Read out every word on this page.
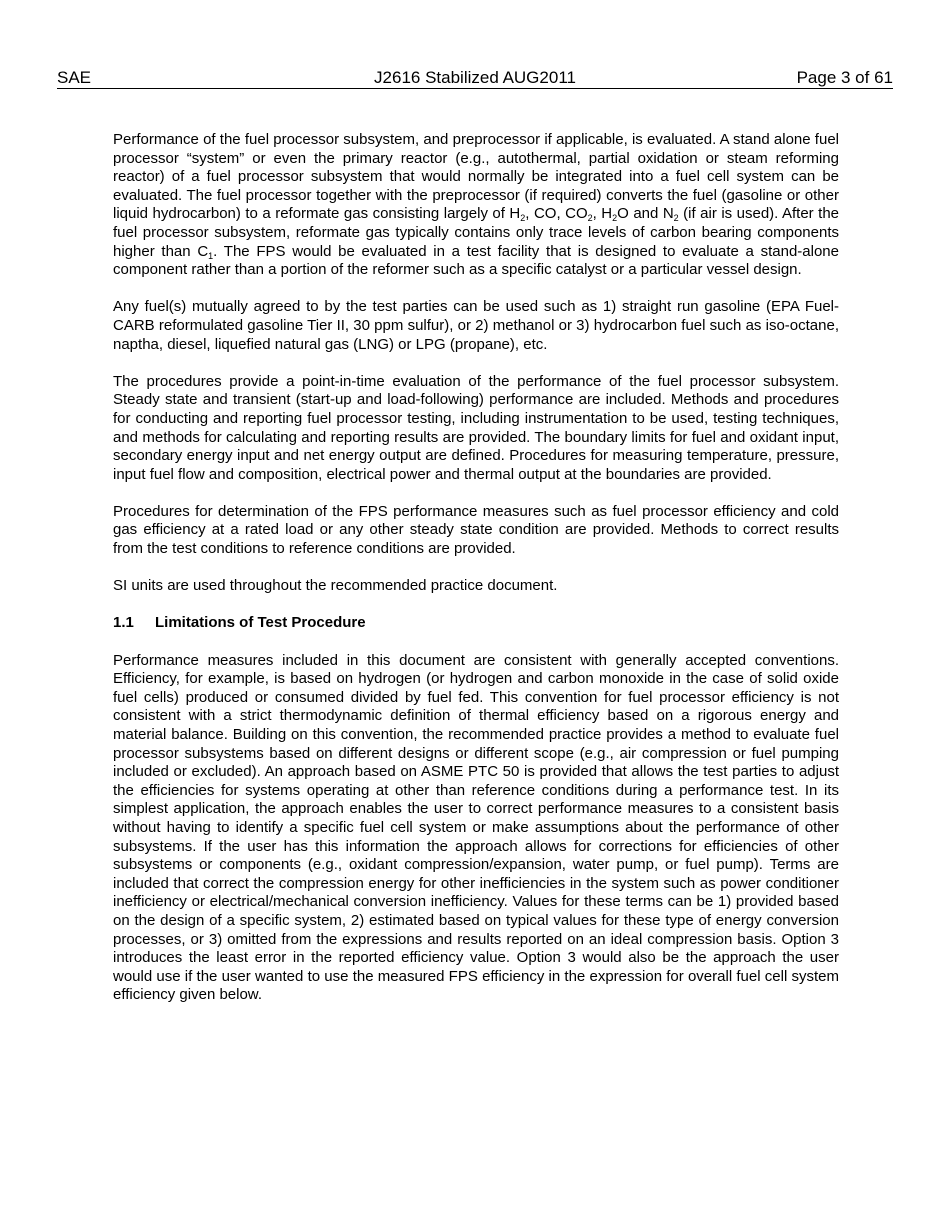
SAE	J2616 Stabilized AUG2011	Page 3 of 61

Performance of the fuel processor subsystem, and preprocessor if applicable, is evaluated. A stand alone fuel processor “system” or even the primary reactor (e.g., autothermal, partial oxidation or steam reforming reactor) of a fuel processor subsystem that would normally be integrated into a fuel cell system can be evaluated. The fuel processor together with the preprocessor (if required) converts the fuel (gasoline or other liquid hydrocarbon) to a reformate gas consisting largely of $H_2$, CO, $CO_2$, $H_2O$ and $N_2$ (if air is used). After the fuel processor subsystem, reformate gas typically contains only trace levels of carbon bearing components higher than $C_1$. The FPS would be evaluated in a test facility that is designed to evaluate a stand-alone component rather than a portion of the reformer such as a specific catalyst or a particular vessel design.

Any fuel(s) mutually agreed to by the test parties can be used such as 1) straight run gasoline (EPA Fuel-CARB reformulated gasoline Tier II, 30 ppm sulfur), or 2) methanol or 3) hydrocarbon fuel such as iso-octane, naptha, diesel, liquefied natural gas (LNG) or LPG (propane), etc.

The procedures provide a point-in-time evaluation of the performance of the fuel processor subsystem. Steady state and transient (start-up and load-following) performance are included. Methods and procedures for conducting and reporting fuel processor testing, including instrumentation to be used, testing techniques, and methods for calculating and reporting results are provided. The boundary limits for fuel and oxidant input, secondary energy input and net energy output are defined. Procedures for measuring temperature, pressure, input fuel flow and composition, electrical power and thermal output at the boundaries are provided.

Procedures for determination of the FPS performance measures such as fuel processor efficiency and cold gas efficiency at a rated load or any other steady state condition are provided. Methods to correct results from the test conditions to reference conditions are provided.

SI units are used throughout the recommended practice document.

1.1 Limitations of Test Procedure

Performance measures included in this document are consistent with generally accepted conventions. Efficiency, for example, is based on hydrogen (or hydrogen and carbon monoxide in the case of solid oxide fuel cells) produced or consumed divided by fuel fed. This convention for fuel processor efficiency is not consistent with a strict thermodynamic definition of thermal efficiency based on a rigorous energy and material balance. Building on this convention, the recommended practice provides a method to evaluate fuel processor subsystems based on different designs or different scope (e.g., air compression or fuel pumping included or excluded). An approach based on ASME PTC 50 is provided that allows the test parties to adjust the efficiencies for systems operating at other than reference conditions during a performance test. In its simplest application, the approach enables the user to correct performance measures to a consistent basis without having to identify a specific fuel cell system or make assumptions about the performance of other subsystems. If the user has this information the approach allows for corrections for efficiencies of other subsystems or components (e.g., oxidant compression/expansion, water pump, or fuel pump). Terms are included that correct the compression energy for other inefficiencies in the system such as power conditioner inefficiency or electrical/mechanical conversion inefficiency. Values for these terms can be 1) provided based on the design of a specific system, 2) estimated based on typical values for these type of energy conversion processes, or 3) omitted from the expressions and results reported on an ideal compression basis. Option 3 introduces the least error in the reported efficiency value. Option 3 would also be the approach the user would use if the user wanted to use the measured FPS efficiency in the expression for overall fuel cell system efficiency given below.
